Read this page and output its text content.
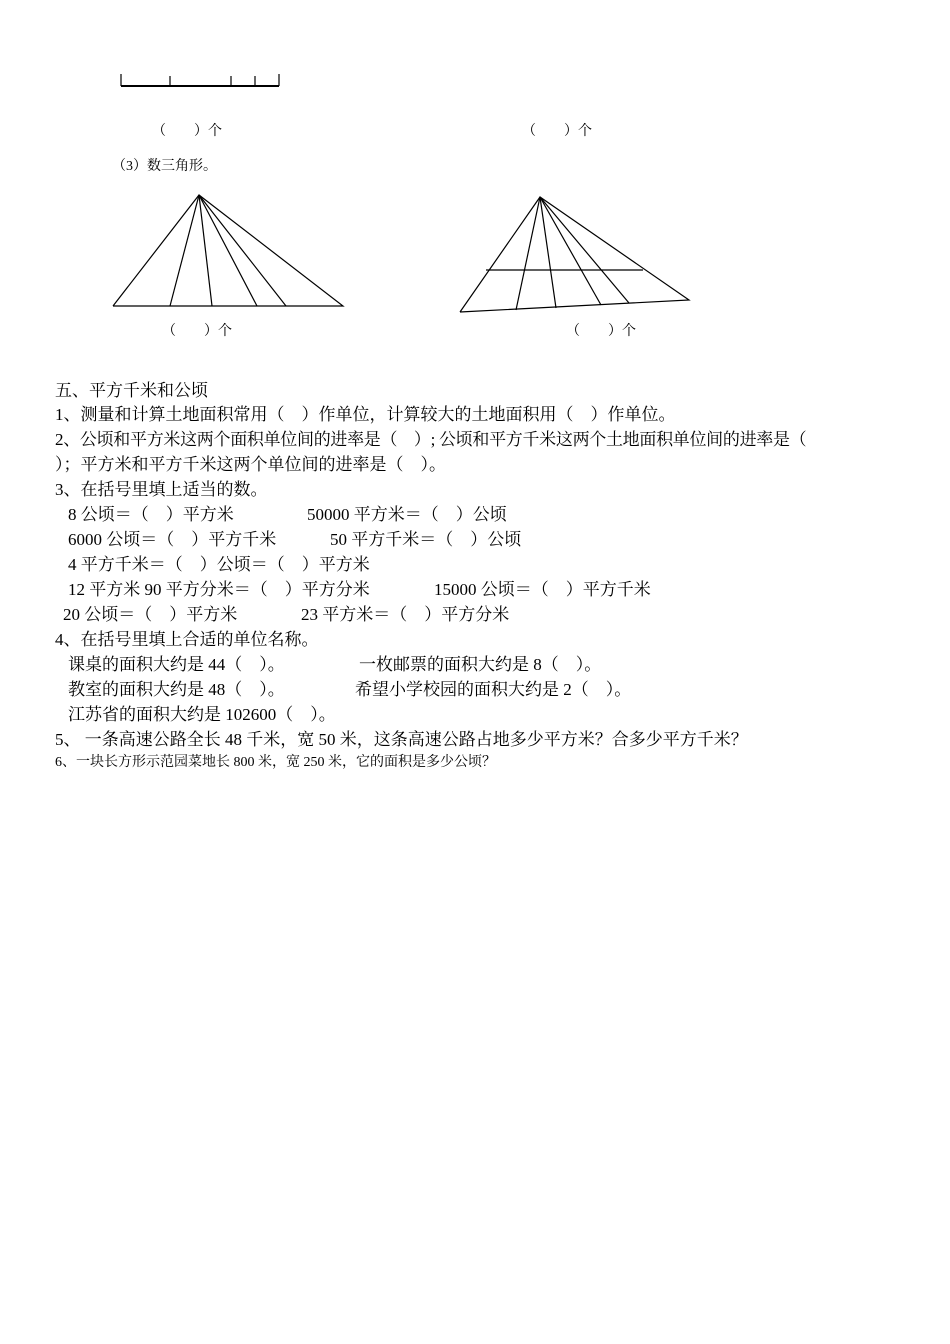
（　　）个	（　　）个
（3）数三角形。
（　　）个	（　　）个
五、平方千米和公顷
1、测量和计算土地面积常用（　）作单位，计算较大的土地面积用（　）作单位。
2、公顷和平方米这两个面积单位间的进率是（　）; 公顷和平方千米这两个土地面积单位间的进率是（
）；平方米和平方千米这两个单位间的进率是（　）。
3、在括号里填上适当的数。
8 公顷＝（　）平方米	50000 平方米＝（　）公顷
6000 公顷＝（　）平方千米	50 平方千米＝（　）公顷
4 平方千米＝（　）公顷＝（　）平方米
12 平方米 90 平方分米＝（　）平方分米	15000 公顷＝（　）平方千米
20 公顷＝（　）平方米	23 平方米＝（　）平方分米
4、在括号里填上合适的单位名称。
课桌的面积大约是 44（　）。	一枚邮票的面积大约是 8（　）。
教室的面积大约是 48（　）。	希望小学校园的面积大约是 2（　）。
江苏省的面积大约是 102600（　）。
5、 一条高速公路全长 48 千米，宽 50 米，这条高速公路占地多少平方米？合多少平方千米？
6、一块长方形示范园菜地长 800 米，宽 250 米，它的面积是多少公顷？
